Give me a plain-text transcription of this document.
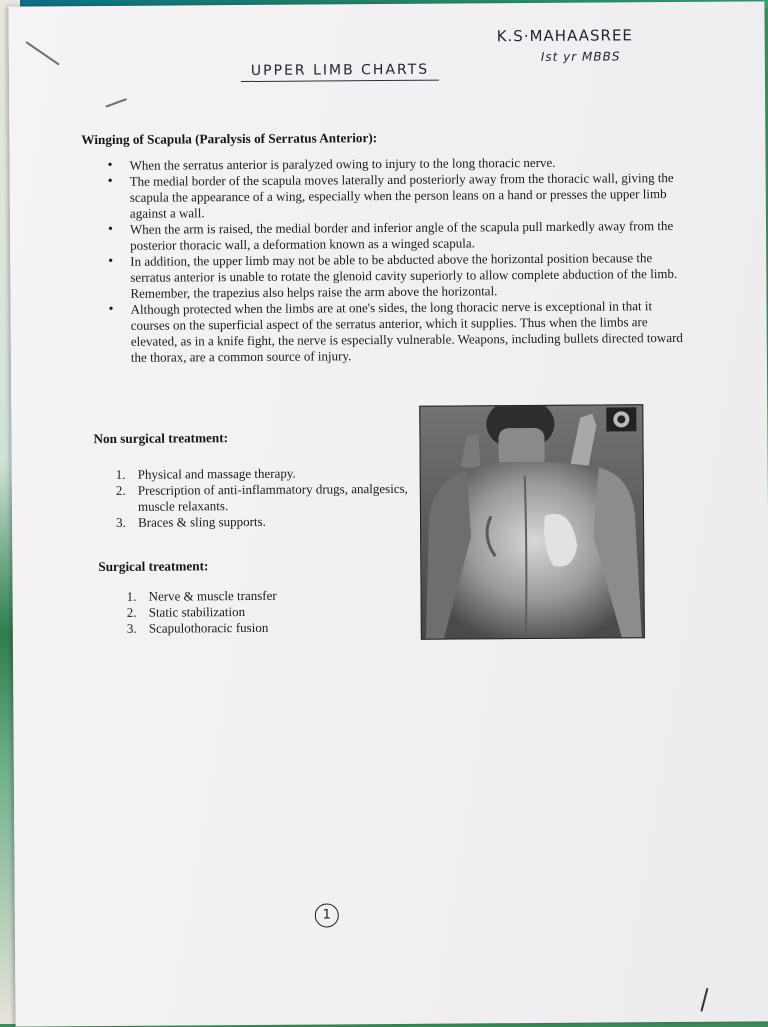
K.S·MAHAASREE
Ist yr MBBS
UPPER LIMB CHARTS
Winging of Scapula (Paralysis of Serratus Anterior):
• When the serratus anterior is paralyzed owing to injury to the long thoracic nerve.
• The medial border of the scapula moves laterally and posteriorly away from the thoracic wall, giving the scapula the appearance of a wing, especially when the person leans on a hand or presses the upper limb against a wall.
• When the arm is raised, the medial border and inferior angle of the scapula pull markedly away from the posterior thoracic wall, a deformation known as a winged scapula.
• In addition, the upper limb may not be able to be abducted above the horizontal position because the serratus anterior is unable to rotate the glenoid cavity superiorly to allow complete abduction of the limb. Remember, the trapezius also helps raise the arm above the horizontal.
• Although protected when the limbs are at one's sides, the long thoracic nerve is exceptional in that it courses on the superficial aspect of the serratus anterior, which it supplies. Thus when the limbs are elevated, as in a knife fight, the nerve is especially vulnerable. Weapons, including bullets directed toward the thorax, are a common source of injury.
Non surgical treatment:
1. Physical and massage therapy.
2. Prescription of anti-inflammatory drugs, analgesics, muscle relaxants.
3. Braces & sling supports.
Surgical treatment:
1. Nerve & muscle transfer
2. Static stabilization
3. Scapulothoracic fusion
1
